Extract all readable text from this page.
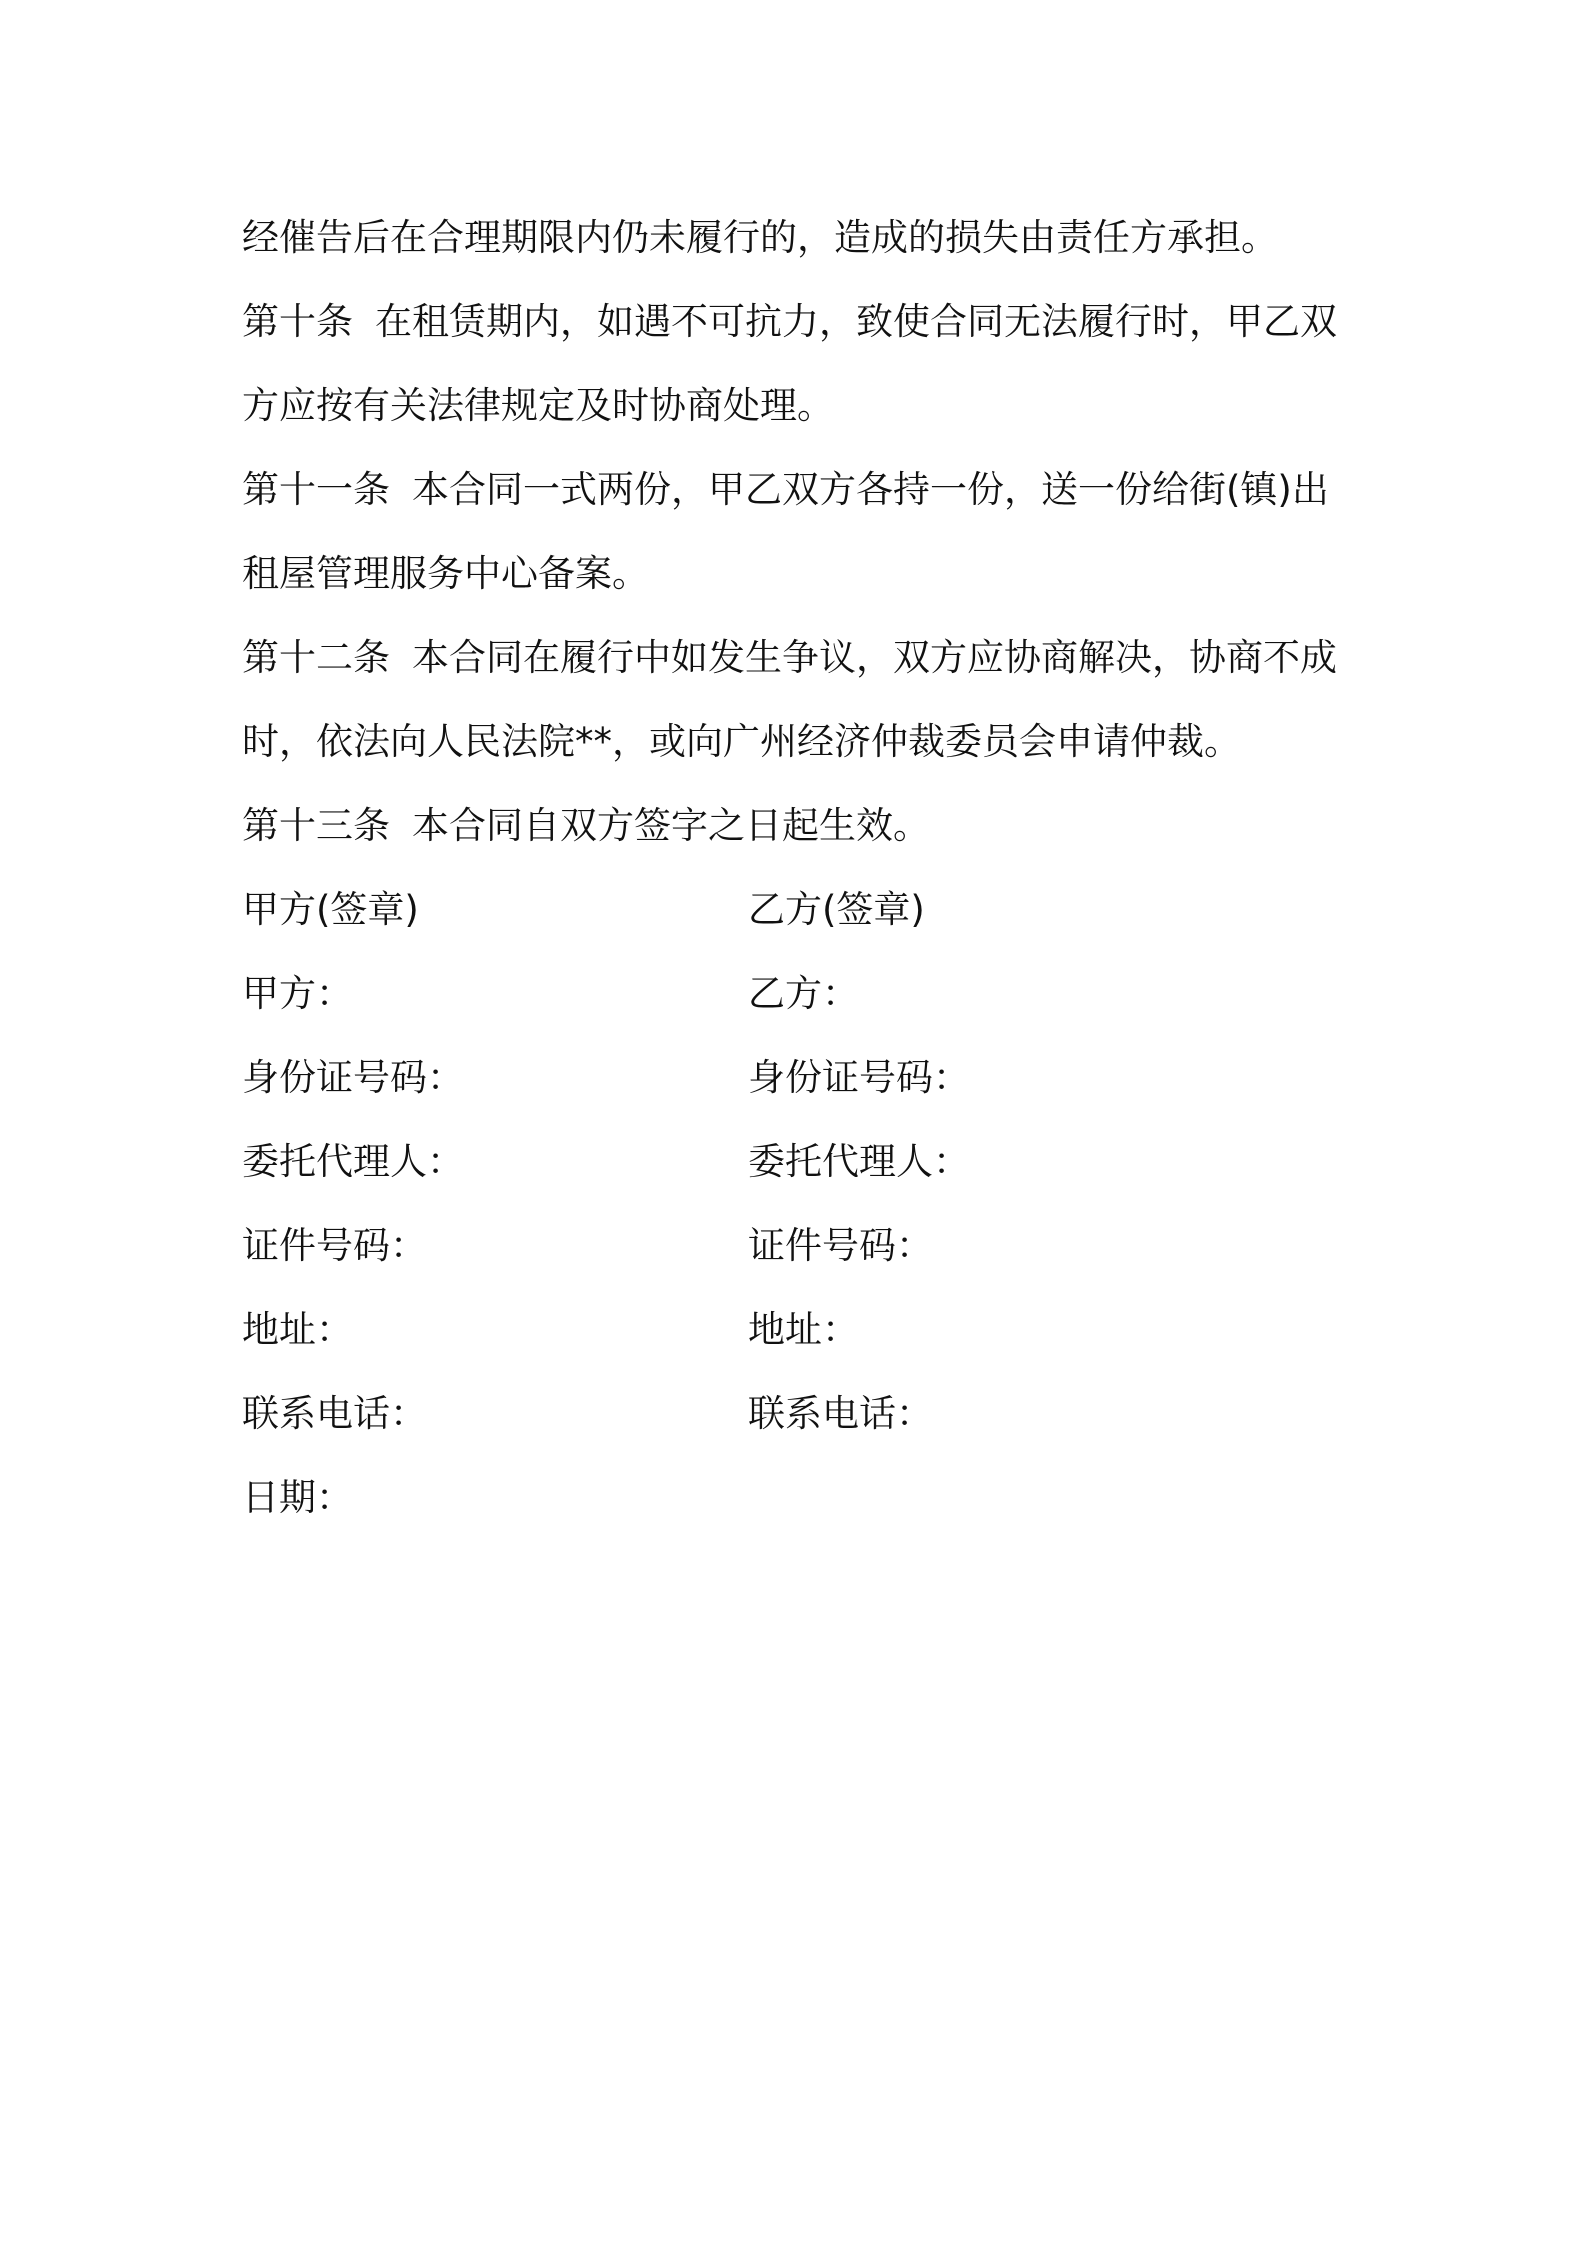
经催告后在合理期限内仍未履行的，造成的损失由责任方承担。
第十条 在租赁期内，如遇不可抗力，致使合同无法履行时，甲乙双
方应按有关法律规定及时协商处理。
第十一条 本合同一式两份，甲乙双方各持一份，送一份给街(镇)出
租屋管理服务中心备案。
第十二条 本合同在履行中如发生争议，双方应协商解决，协商不成
时，依法向人民法院**，或向广州经济仲裁委员会申请仲裁。
第十三条 本合同自双方签字之日起生效。
甲方(签章)	乙方(签章)
甲方：	乙方：
身份证号码：	身份证号码：
委托代理人：	委托代理人：
证件号码：	证件号码：
地址：	地址：
联系电话：	联系电话：
日期：
